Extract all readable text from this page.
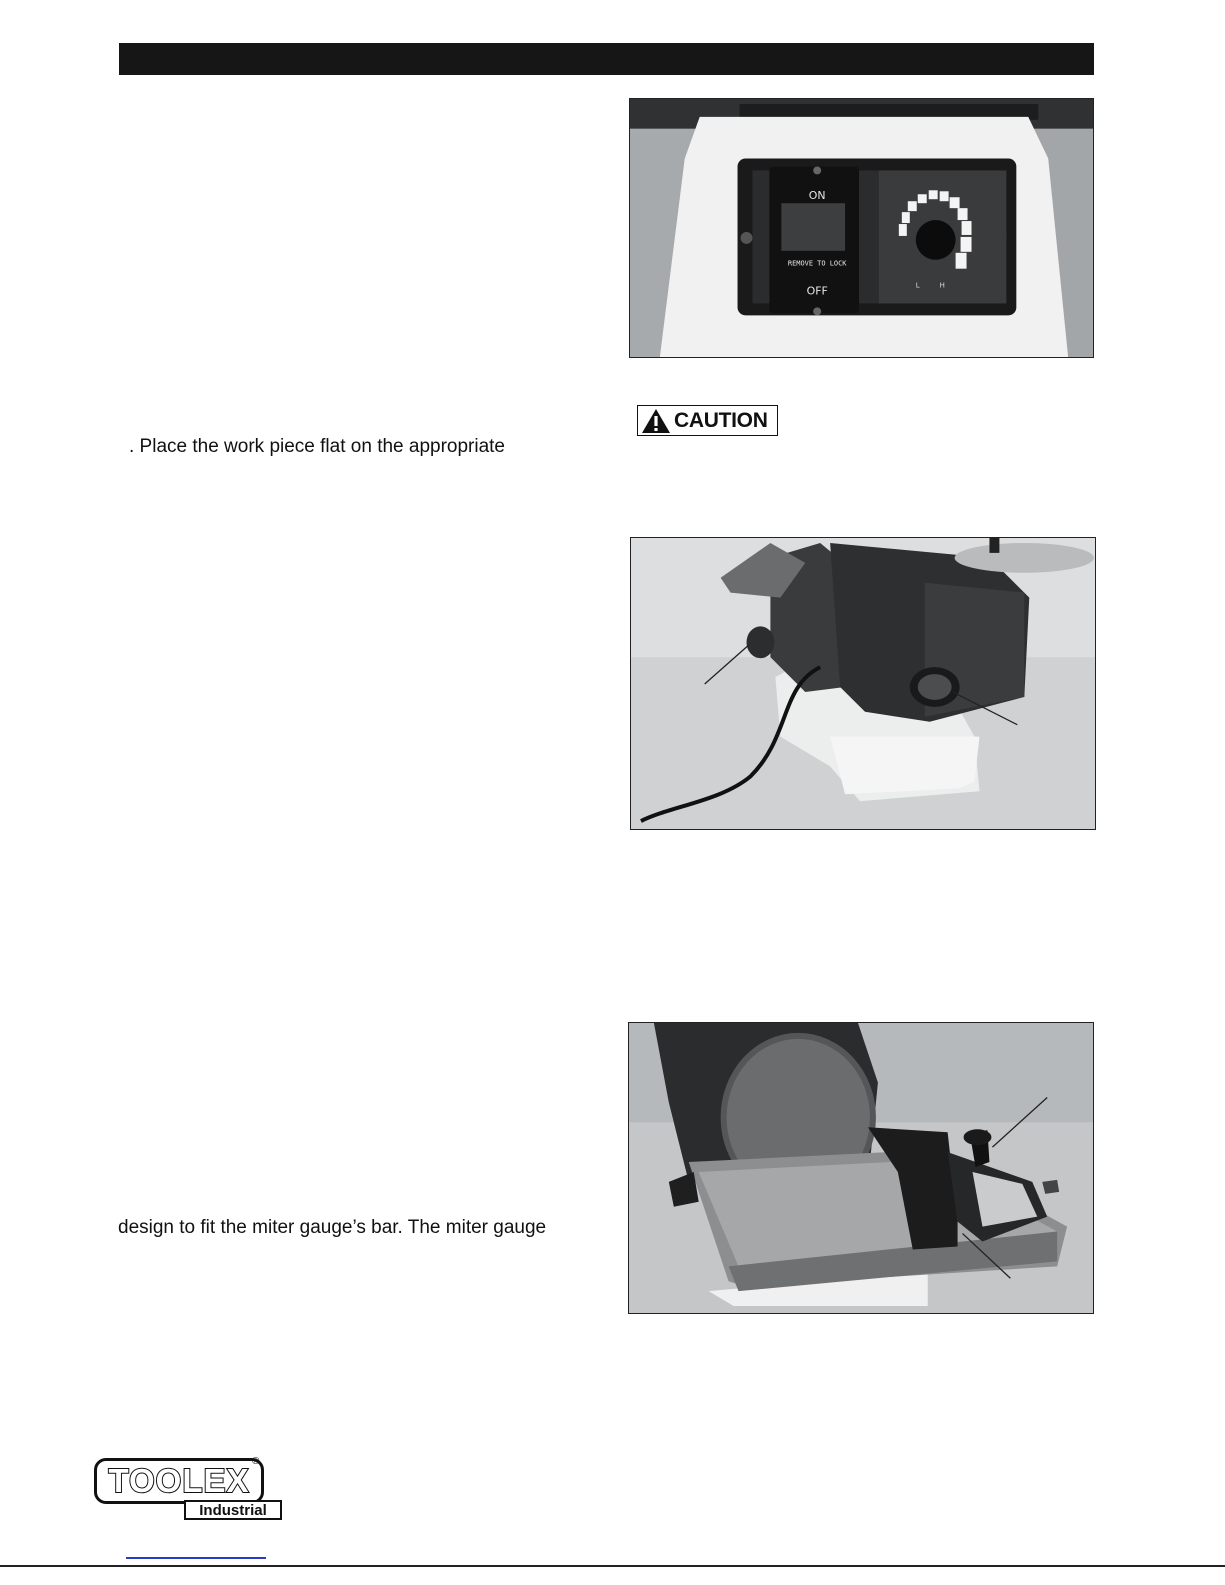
. Place the work piece flat on the appropriate
design to fit the miter gauge’s bar. The miter gauge
ON
REMOVE TO LOCK
OFF	L	H
CAUTION
TOOLEX
®
Industrial
